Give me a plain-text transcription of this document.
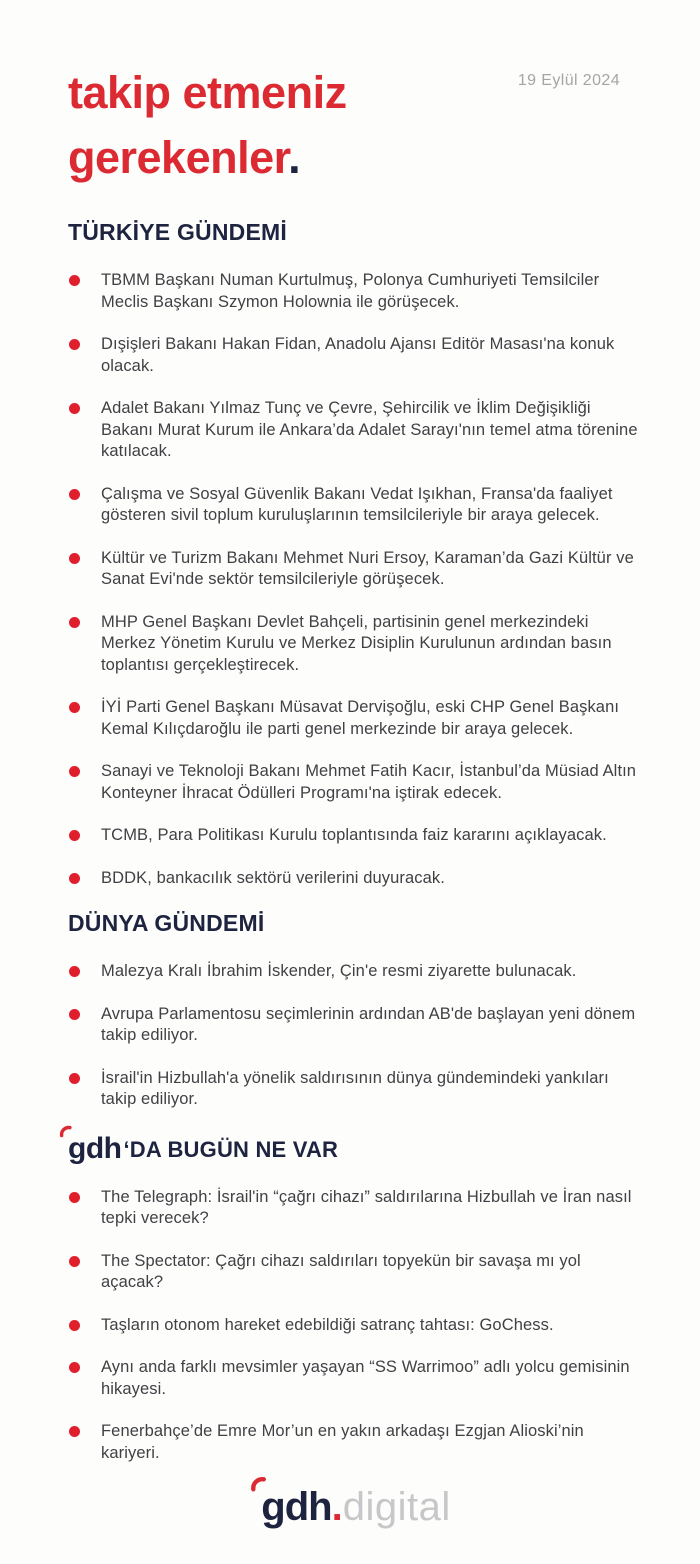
19 Eylül 2024
takip etmeniz
gerekenler.
TÜRKİYE GÜNDEMİ
TBMM Başkanı Numan Kurtulmuş, Polonya Cumhuriyeti Temsilciler Meclis Başkanı Szymon Holownia ile görüşecek.
Dışişleri Bakanı Hakan Fidan, Anadolu Ajansı Editör Masası'na konuk olacak.
Adalet Bakanı Yılmaz Tunç ve Çevre, Şehircilik ve İklim Değişikliği Bakanı Murat Kurum ile Ankara’da Adalet Sarayı'nın temel atma törenine katılacak.
Çalışma ve Sosyal Güvenlik Bakanı Vedat Işıkhan, Fransa'da faaliyet gösteren sivil toplum kuruluşlarının temsilcileriyle bir araya gelecek.
Kültür ve Turizm Bakanı Mehmet Nuri Ersoy, Karaman’da Gazi Kültür ve Sanat Evi'nde sektör temsilcileriyle görüşecek.
MHP Genel Başkanı Devlet Bahçeli, partisinin genel merkezindeki Merkez Yönetim Kurulu ve Merkez Disiplin Kurulunun ardından basın toplantısı gerçekleştirecek.
İYİ Parti Genel Başkanı Müsavat Dervişoğlu, eski CHP Genel Başkanı Kemal Kılıçdaroğlu ile parti genel merkezinde bir araya gelecek.
Sanayi ve Teknoloji Bakanı Mehmet Fatih Kacır, İstanbul’da Müsiad Altın Konteyner İhracat Ödülleri Programı'na iştirak edecek.
TCMB, Para Politikası Kurulu toplantısında faiz kararını açıklayacak.
BDDK, bankacılık sektörü verilerini duyuracak.
DÜNYA GÜNDEMİ
Malezya Kralı İbrahim İskender, Çin'e resmi ziyarette bulunacak.
Avrupa Parlamentosu seçimlerinin ardından AB'de başlayan yeni dönem takip ediliyor.
İsrail'in Hizbullah'a yönelik saldırısının dünya gündemindeki yankıları takip ediliyor.
gdh ‘DA BUGÜN NE VAR
The Telegraph: İsrail'in “çağrı cihazı” saldırılarına Hizbullah ve İran nasıl tepki verecek?
The Spectator: Çağrı cihazı saldırıları topyekün bir savaşa mı yol açacak?
Taşların otonom hareket edebildiği satranç tahtası: GoChess.
Aynı anda farklı mevsimler yaşayan “SS Warrimoo” adlı yolcu gemisinin hikayesi.
Fenerbahçe’de Emre Mor’un en yakın arkadaşı Ezgjan Alioski’nin kariyeri.
gdh . digital
